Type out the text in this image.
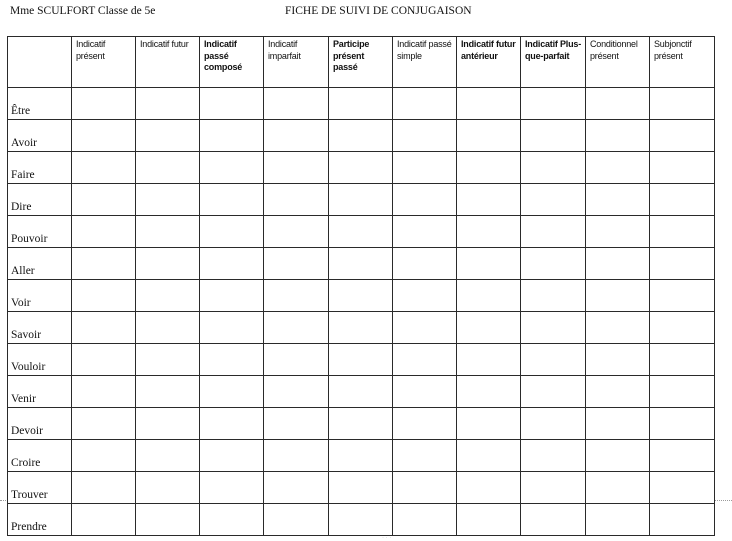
Mme SCULFORT Classe de 5e	FICHE DE SUIVI DE CONJUGAISON
	Indicatif présent	Indicatif futur	Indicatif passé composé	Indicatif imparfait	Participe présent passé	Indicatif passé simple	Indicatif futur antérieur	Indicatif Plus-que-parfait	Conditionnel présent	Subjonctif présent
Être										
Avoir										
Faire										
Dire										
Pouvoir										
Aller										
Voir										
Savoir										
Vouloir										
Venir										
Devoir										
Croire										
Trouver										
Prendre										
· · ·
